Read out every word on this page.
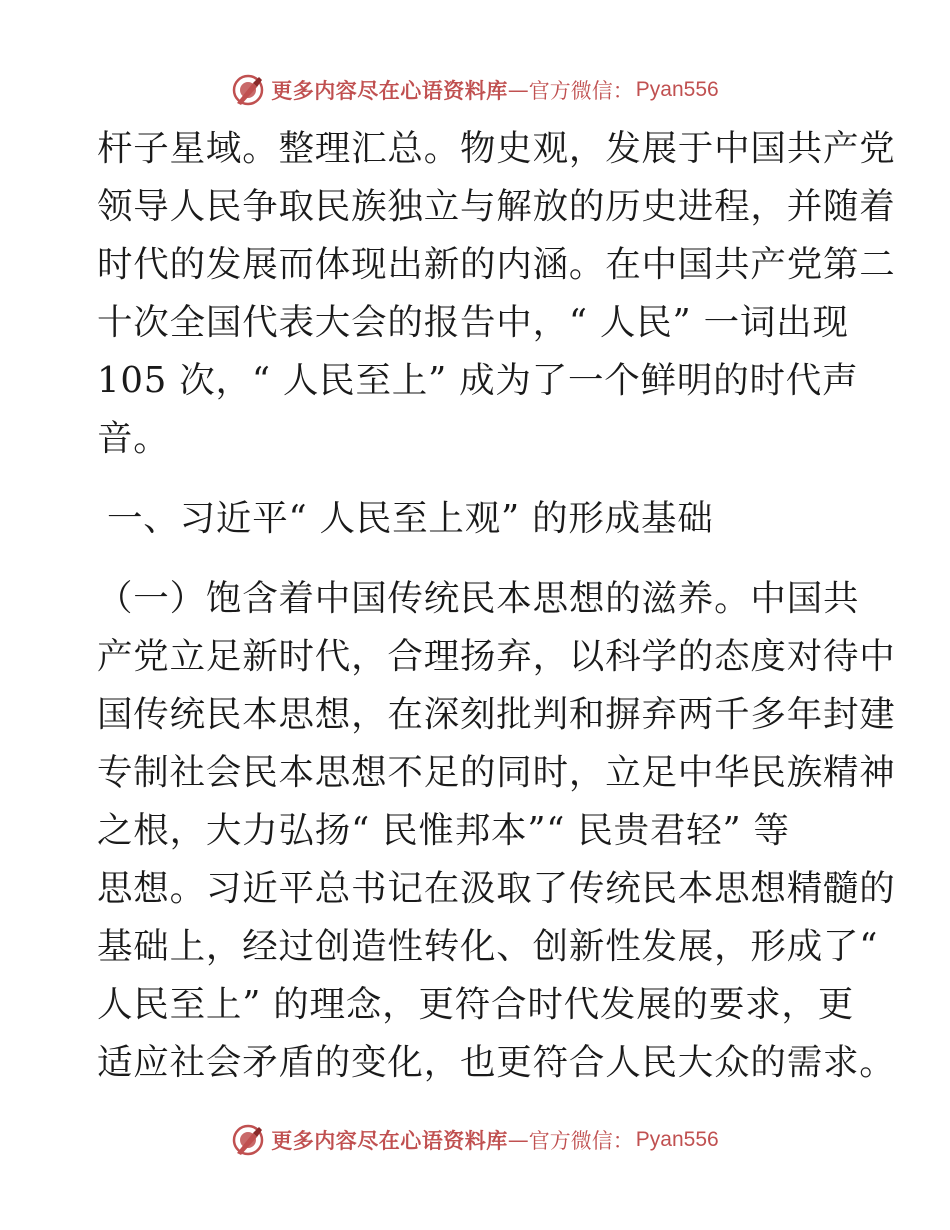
更多内容尽在心语资料库 — 官方微信： Pyan556
杆子星域。整理汇总。物史观，发展于中国共产党
领导人民争取民族独立与解放的历史进程，并随着
时代的发展而体现出新的内涵。在中国共产党第二
十次全国代表大会的报告中，“ 人民” 一词出现
105 次，“ 人民至上” 成为了一个鲜明的时代声
音。
一、习近平“ 人民至上观” 的形成基础
（一）饱含着中国传统民本思想的滋养。中国共
产党立足新时代，合理扬弃，以科学的态度对待中
国传统民本思想，在深刻批判和摒弃两千多年封建
专制社会民本思想不足的同时，立足中华民族精神
之根，大力弘扬“ 民惟邦本”“ 民贵君轻” 等
思想。习近平总书记在汲取了传统民本思想精髓的
基础上，经过创造性转化、创新性发展，形成了“
人民至上” 的理念，更符合时代发展的要求，更
适应社会矛盾的变化，也更符合人民大众的需求。
更多内容尽在心语资料库 — 官方微信： Pyan556
